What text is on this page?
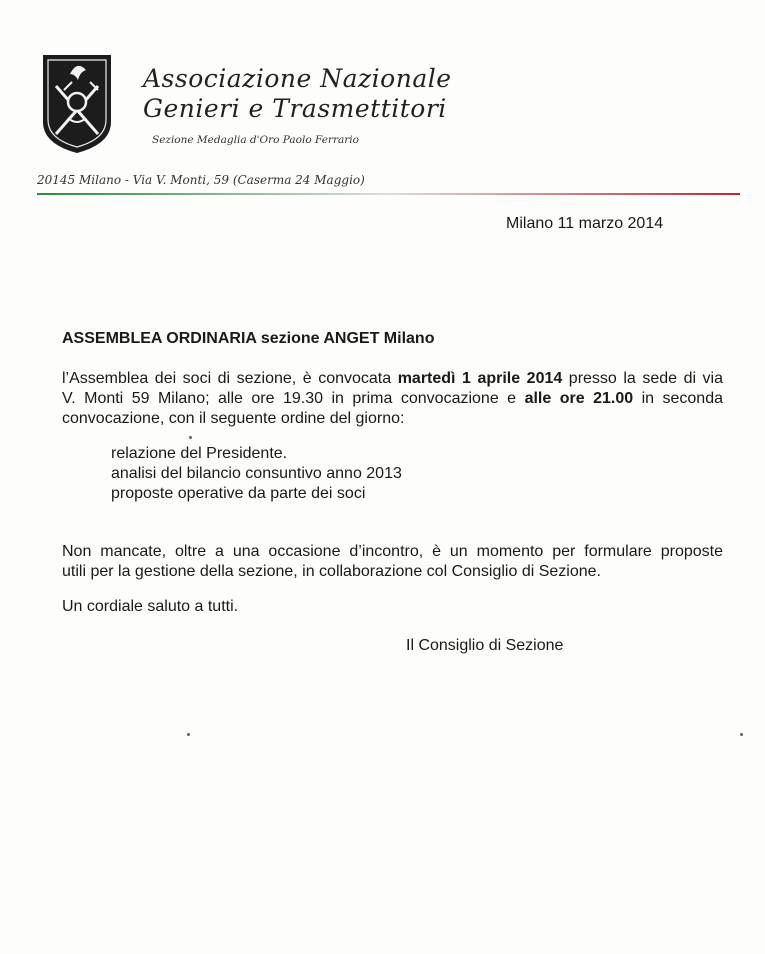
Associazione Nazionale
Genieri e Trasmettitori
Sezione Medaglia d'Oro Paolo Ferrario
20145 Milano - Via V. Monti, 59 (Caserma 24 Maggio)
Milano 11 marzo 2014
ASSEMBLEA ORDINARIA sezione ANGET Milano
l’Assemblea dei soci di sezione, è convocata martedì 1 aprile 2014 presso la sede di via
V. Monti 59 Milano; alle ore 19.30 in prima convocazione e alle ore 21.00 in seconda
convocazione, con il seguente ordine del giorno:
relazione del Presidente.
analisi del bilancio consuntivo anno 2013
proposte operative da parte dei soci
Non mancate, oltre a una occasione d’incontro, è un momento per formulare proposte
utili per la gestione della sezione, in collaborazione col Consiglio di Sezione.
Un cordiale saluto a tutti.
Il Consiglio di Sezione
